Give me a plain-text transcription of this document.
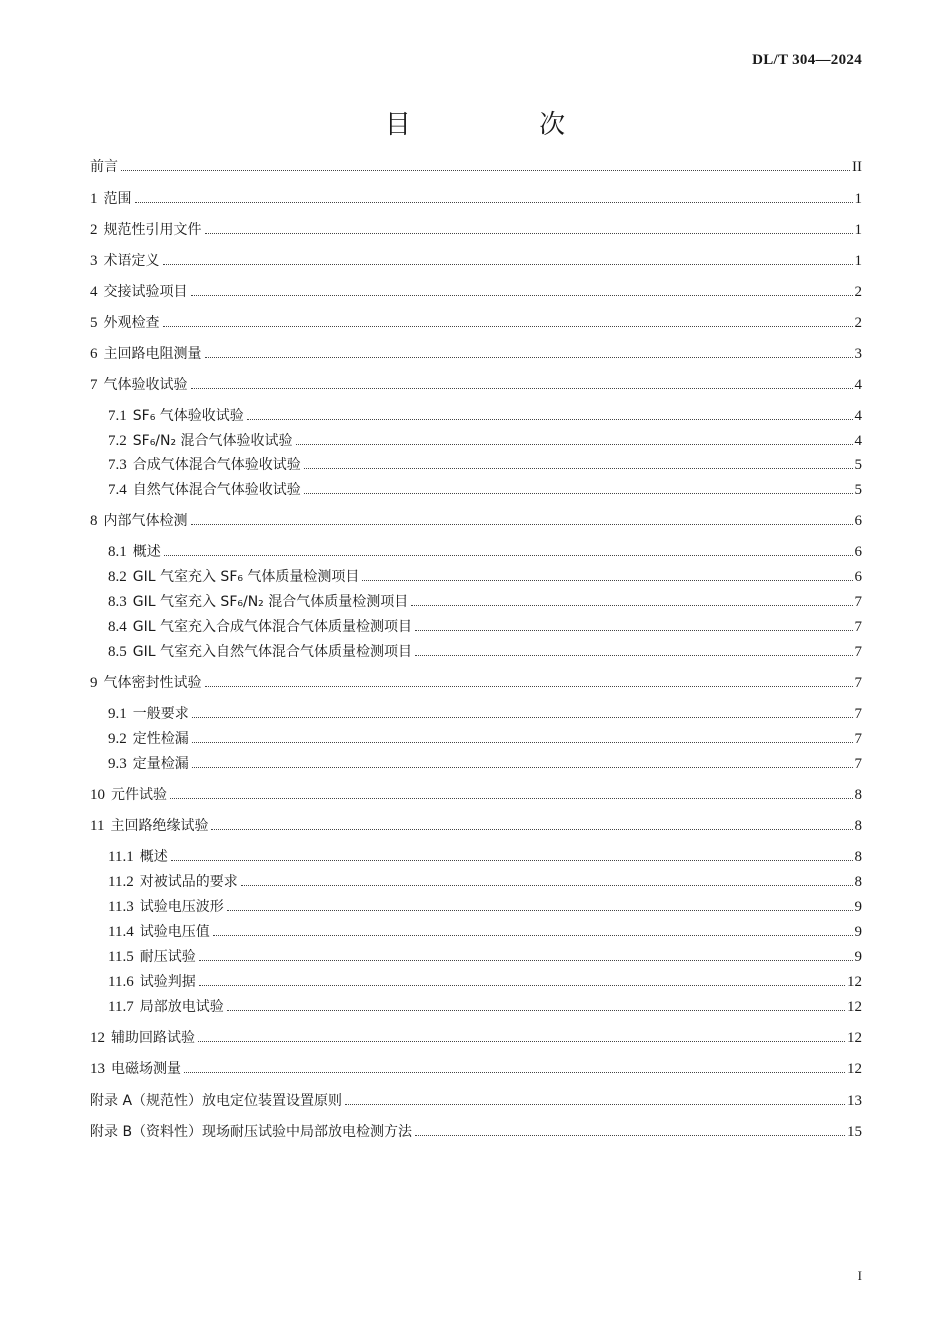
DL/T 304—2024
目 次
前言	II
1 范围	1
2 规范性引用文件	1
3 术语定义	1
4 交接试验项目	2
5 外观检查	2
6 主回路电阻测量	3
7 气体验收试验	4
7.1 SF₆ 气体验收试验	4
7.2 SF₆/N₂ 混合气体验收试验	4
7.3 合成气体混合气体验收试验	5
7.4 自然气体混合气体验收试验	5
8 内部气体检测	6
8.1 概述	6
8.2 GIL 气室充入 SF₆ 气体质量检测项目	6
8.3 GIL 气室充入 SF₆/N₂ 混合气体质量检测项目	7
8.4 GIL 气室充入合成气体混合气体质量检测项目	7
8.5 GIL 气室充入自然气体混合气体质量检测项目	7
9 气体密封性试验	7
9.1 一般要求	7
9.2 定性检漏	7
9.3 定量检漏	7
10 元件试验	8
11 主回路绝缘试验	8
11.1 概述	8
11.2 对被试品的要求	8
11.3 试验电压波形	9
11.4 试验电压值	9
11.5 耐压试验	9
11.6 试验判据	12
11.7 局部放电试验	12
12 辅助回路试验	12
13 电磁场测量	12
附录 A（规范性）放电定位装置设置原则	13
附录 B（资料性）现场耐压试验中局部放电检测方法	15
I
